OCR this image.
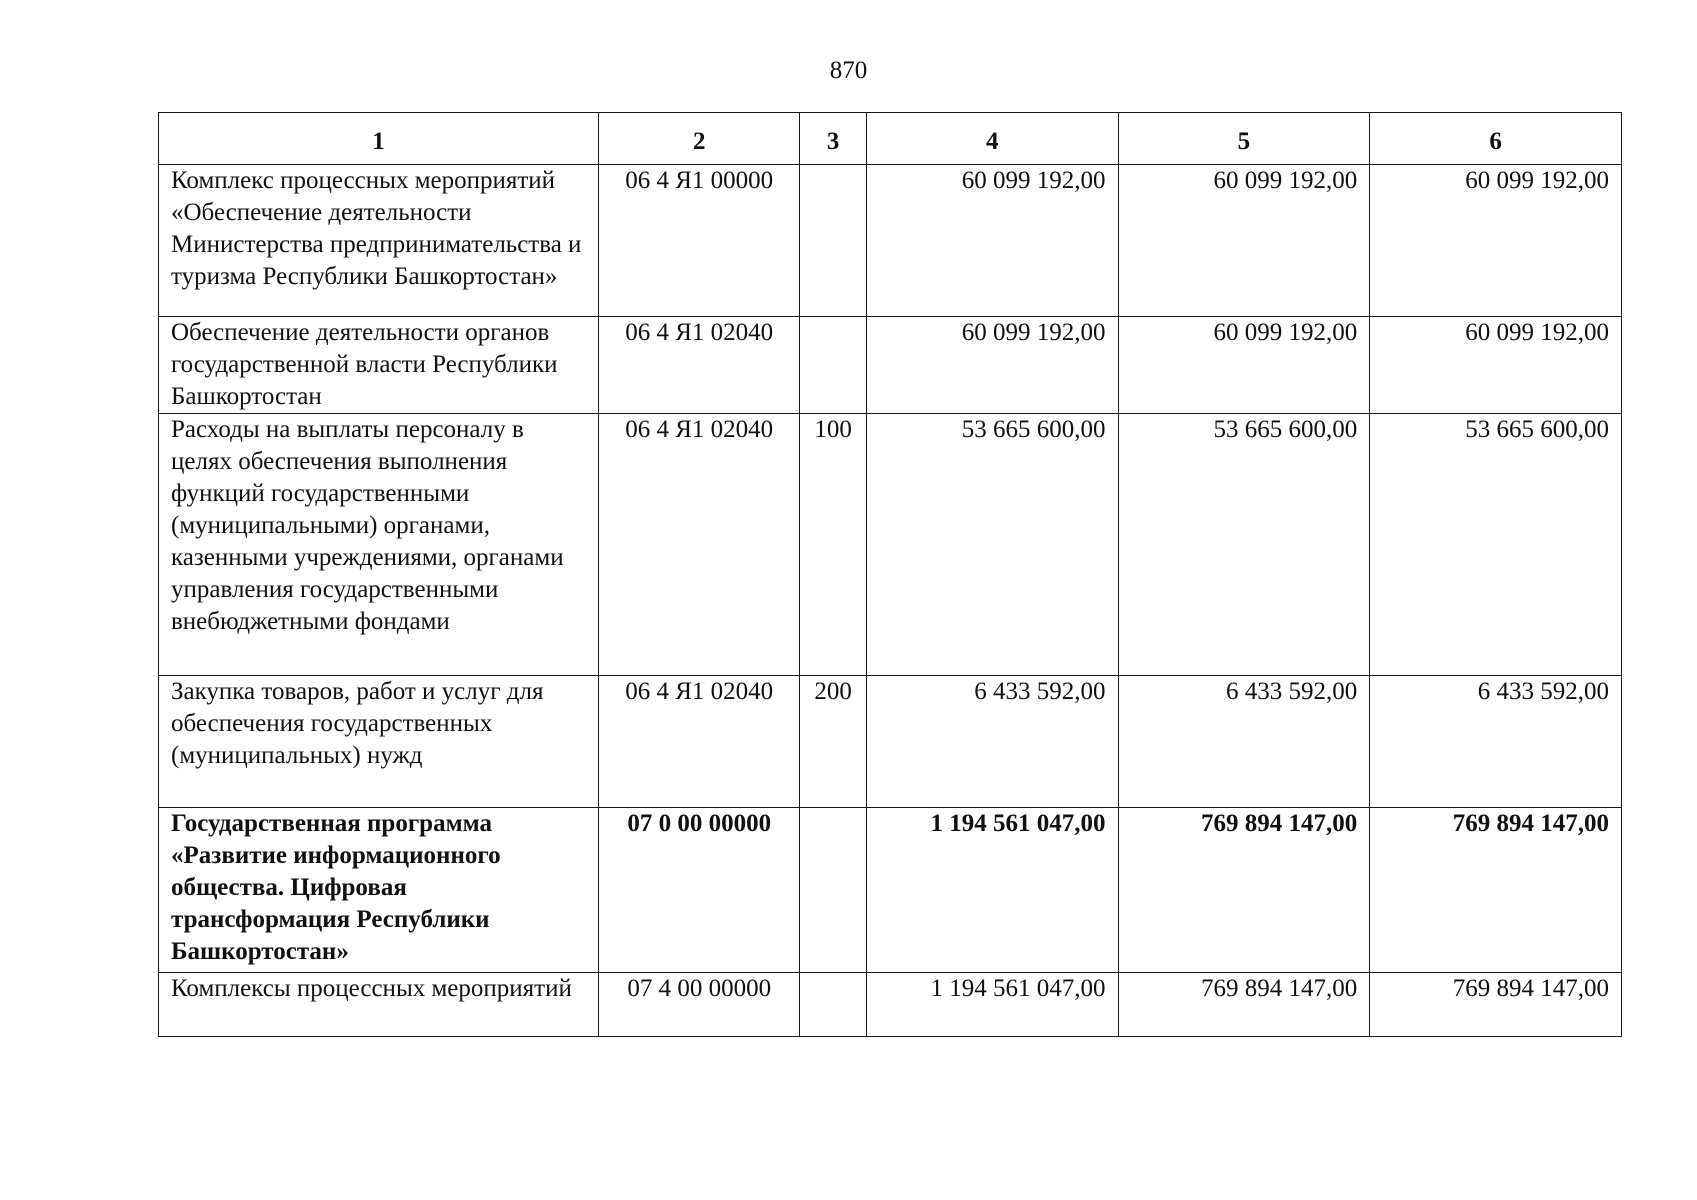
870
1	2	3	4	5	6
Комплекс процессных мероприятий «Обеспечение деятельности Министерства предпринимательства и туризма Республики Башкортостан»	06 4 Я1 00000		60 099 192,00	60 099 192,00	60 099 192,00
Обеспечение деятельности органов государственной власти Республики Башкортостан	06 4 Я1 02040		60 099 192,00	60 099 192,00	60 099 192,00
Расходы на выплаты персоналу в целях обеспечения выполнения функций государственными (муниципальными) органами, казенными учреждениями, органами управления государственными внебюджетными фондами	06 4 Я1 02040	100	53 665 600,00	53 665 600,00	53 665 600,00
Закупка товаров, работ и услуг для обеспечения государственных (муниципальных) нужд	06 4 Я1 02040	200	6 433 592,00	6 433 592,00	6 433 592,00
Государственная программа «Развитие информационного общества. Цифровая трансформация Республики Башкортостан»	07 0 00 00000		1 194 561 047,00	769 894 147,00	769 894 147,00
Комплексы процессных мероприятий	07 4 00 00000		1 194 561 047,00	769 894 147,00	769 894 147,00
